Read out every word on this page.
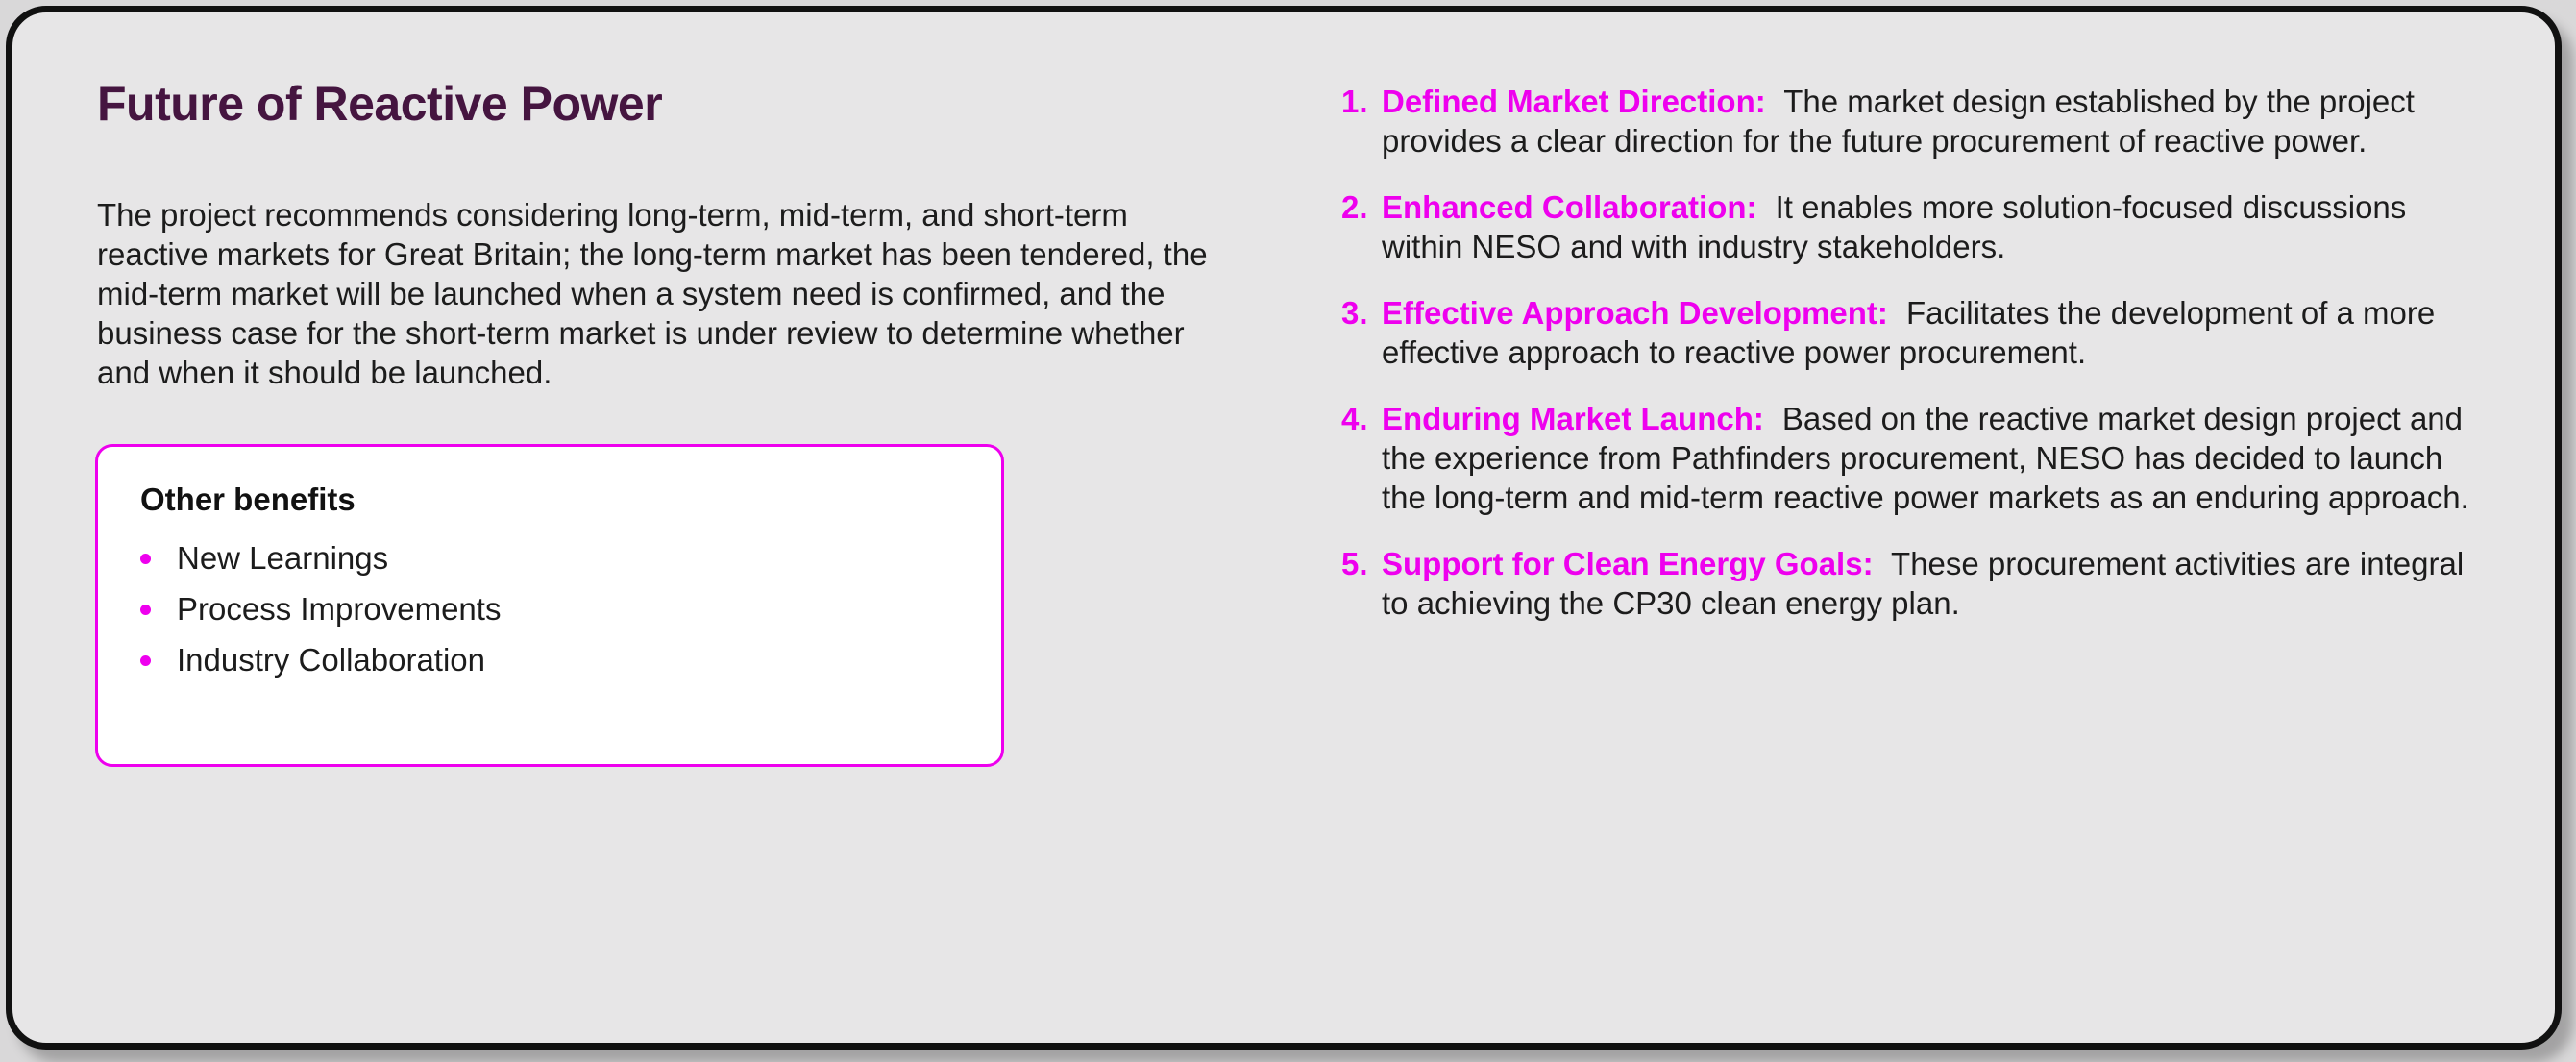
Future of Reactive Power

The project recommends considering long-term, mid-term, and short-term reactive markets for Great Britain; the long-term market has been tendered, the mid-term market will be launched when a system need is confirmed, and the business case for the short-term market is under review to determine whether and when it should be launched.

Other benefits
New Learnings
Process Improvements
Industry Collaboration
1. Defined Market Direction: The market design established by the project provides a clear direction for the future procurement of reactive power.
2. Enhanced Collaboration: It enables more solution-focused discussions within NESO and with industry stakeholders.
3. Effective Approach Development: Facilitates the development of a more effective approach to reactive power procurement.
4. Enduring Market Launch: Based on the reactive market design project and the experience from Pathfinders procurement, NESO has decided to launch the long-term and mid-term reactive power markets as an enduring approach.
5. Support for Clean Energy Goals: These procurement activities are integral to achieving the CP30 clean energy plan.
